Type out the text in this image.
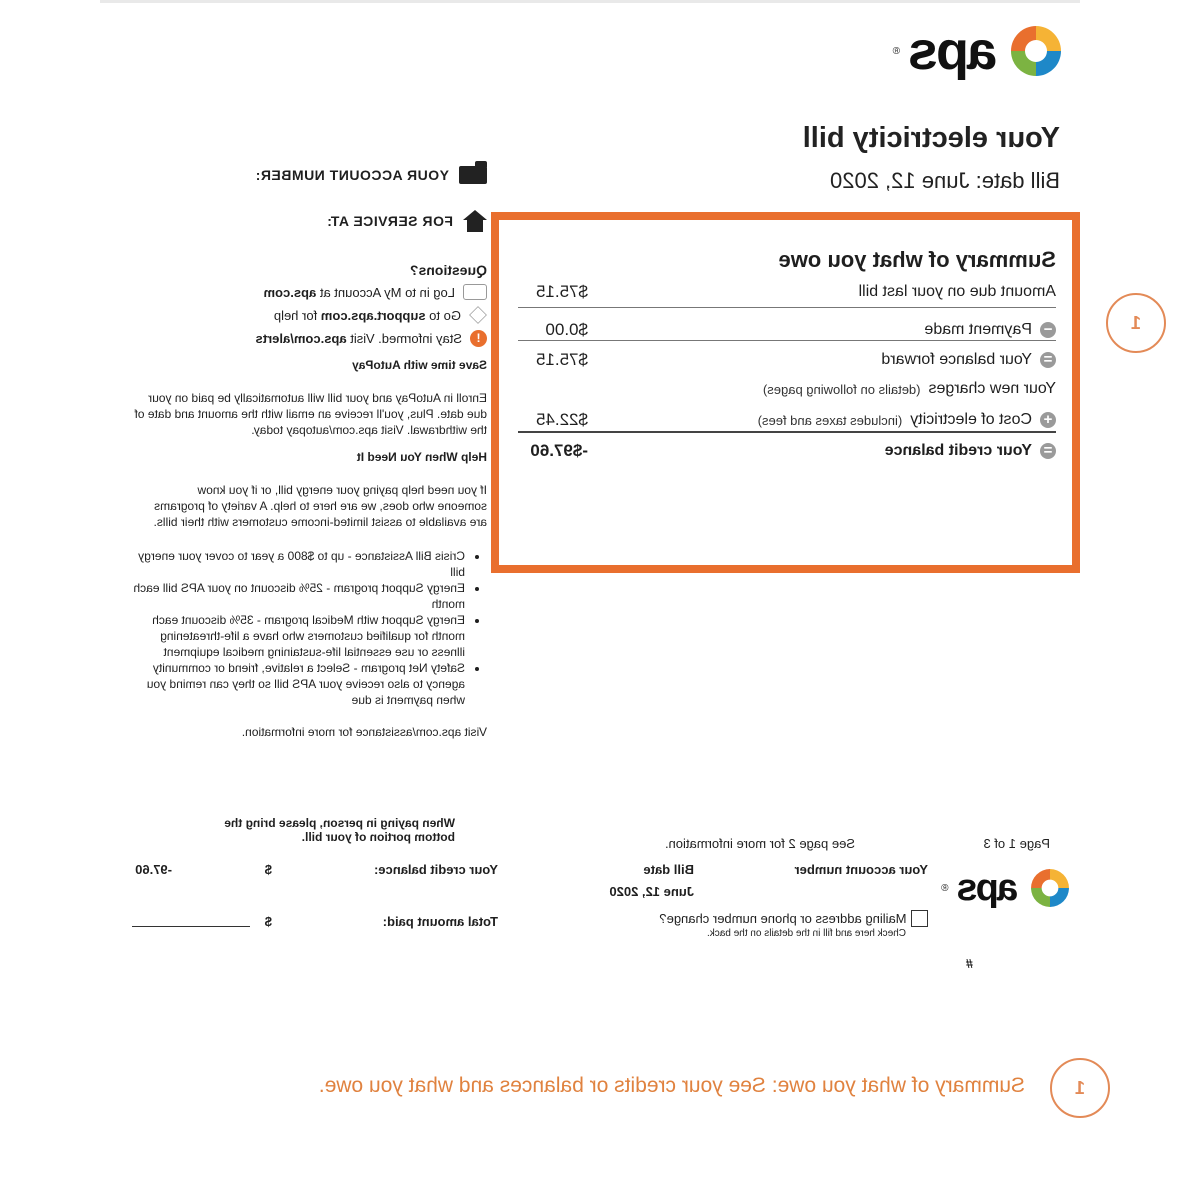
aps
®
Your electricity bill
Bill date: June 12, 2020
Summary of what you owe
Amount due on your last bill
$75.15
−
Payment made
$0.00
=
Your balance forward
$75.15
Your new charges
(details on following pages)
+
Cost of electricity
(includes taxes and fees)
$22.45
=
Your credit balance
-$97.60
1
YOUR ACCOUNT NUMBER:
FOR SERVICE AT:
Questions?
Log in to My Account at aps.com
Go to support.aps.com for help
!
Stay informed. Visit aps.com/alerts
Save time with AutoPay
Enroll in AutoPay and your bill will automatically be paid on your due date. Plus, you'll receive an email with the amount and date of the withdrawal. Visit aps.com/autopay today.
Help When You Need It
If you need help paying your energy bill, or if you know someone who does, we are here to help. A variety of programs are available to assist limited-income customers with their bills.
• Crisis Bill Assistance - up to $800 a year to cover your energy bill
• Energy Support program - 25% discount on your APS bill each month
• Energy Support with Medical program - 35% discount each month for qualified customers who have a life-threatening illness or use essential life-sustaining medical equipment
• Safety Net program - Select a relative, friend or community agency to also receive your APS bill so they can remind you when payment is due
Visit aps.com/assistance for more information.
Page 1 of 3
See page 2 for more information.
aps
®
Your account number
Bill date
June 12, 2020
Mailing address or phone number change?
Check here and fill in the details on the back.
#
When paying in person, please bring the bottom portion of your bill.
Your credit balance:
$
-97.60
Total amount paid:
$
1
Summary of what you owe: See your credits or balances and what you owe.
